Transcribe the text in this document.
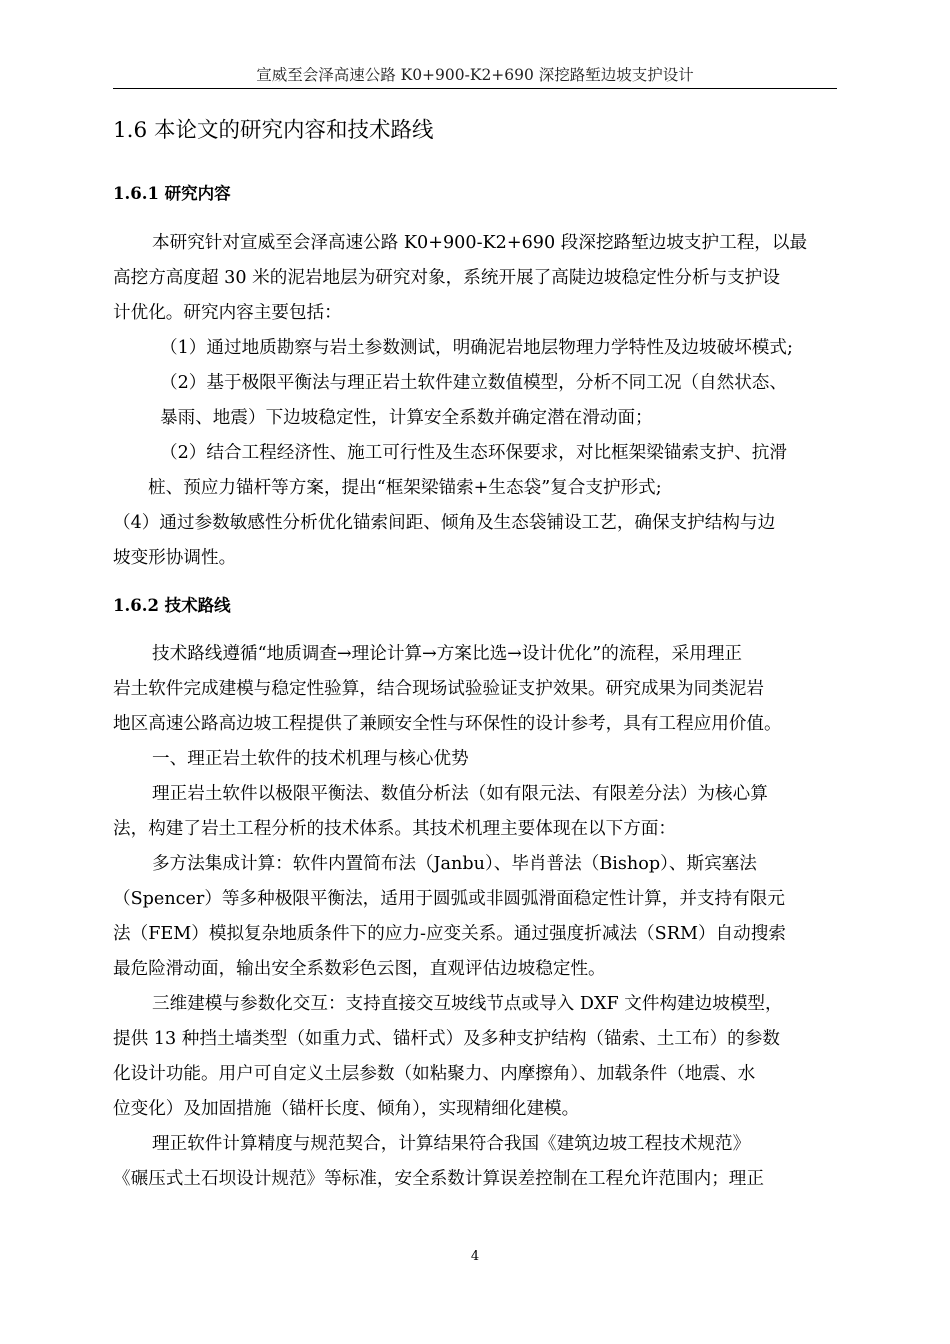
宣威至会泽高速公路 K0+900-K2+690 深挖路堑边坡支护设计
1.6 本论文的研究内容和技术路线
1.6.1 研究内容
本研究针对宣威至会泽高速公路 K0+900-K2+690 段深挖路堑边坡支护工程，以最
高挖方高度超 30 米的泥岩地层为研究对象，系统开展了高陡边坡稳定性分析与支护设
计优化。研究内容主要包括：
（1）通过地质勘察与岩土参数测试，明确泥岩地层物理力学特性及边坡破坏模式;
（2）基于极限平衡法与理正岩土软件建立数值模型，分析不同工况（自然状态、
暴雨、地震）下边坡稳定性，计算安全系数并确定潜在滑动面；
（2）结合工程经济性、施工可行性及生态环保要求，对比框架梁锚索支护、抗滑
桩、预应力锚杆等方案，提出“框架梁锚索+生态袋”复合支护形式;
（4）通过参数敏感性分析优化锚索间距、倾角及生态袋铺设工艺，确保支护结构与边
坡变形协调性。
1.6.2 技术路线
技术路线遵循“地质调查→理论计算→方案比选→设计优化”的流程，采用理正
岩土软件完成建模与稳定性验算，结合现场试验验证支护效果。研究成果为同类泥岩
地区高速公路高边坡工程提供了兼顾安全性与环保性的设计参考，具有工程应用价值。
一、理正岩土软件的技术机理与核心优势
理正岩土软件以极限平衡法、数值分析法（如有限元法、有限差分法）为核心算
法，构建了岩土工程分析的技术体系。其技术机理主要体现在以下方面：
多方法集成计算：软件内置简布法（Janbu）、毕肖普法（Bishop）、斯宾塞法
（Spencer）等多种极限平衡法，适用于圆弧或非圆弧滑面稳定性计算，并支持有限元
法（FEM）模拟复杂地质条件下的应力-应变关系。通过强度折减法（SRM）自动搜索
最危险滑动面，输出安全系数彩色云图，直观评估边坡稳定性。
三维建模与参数化交互：支持直接交互坡线节点或导入 DXF 文件构建边坡模型，
提供 13 种挡土墙类型（如重力式、锚杆式）及多种支护结构（锚索、土工布）的参数
化设计功能。用户可自定义土层参数（如粘聚力、内摩擦角）、加载条件（地震、水
位变化）及加固措施（锚杆长度、倾角），实现精细化建模。
理正软件计算精度与规范契合，计算结果符合我国《建筑边坡工程技术规范》
《碾压式土石坝设计规范》等标准，安全系数计算误差控制在工程允许范围内；理正
4
